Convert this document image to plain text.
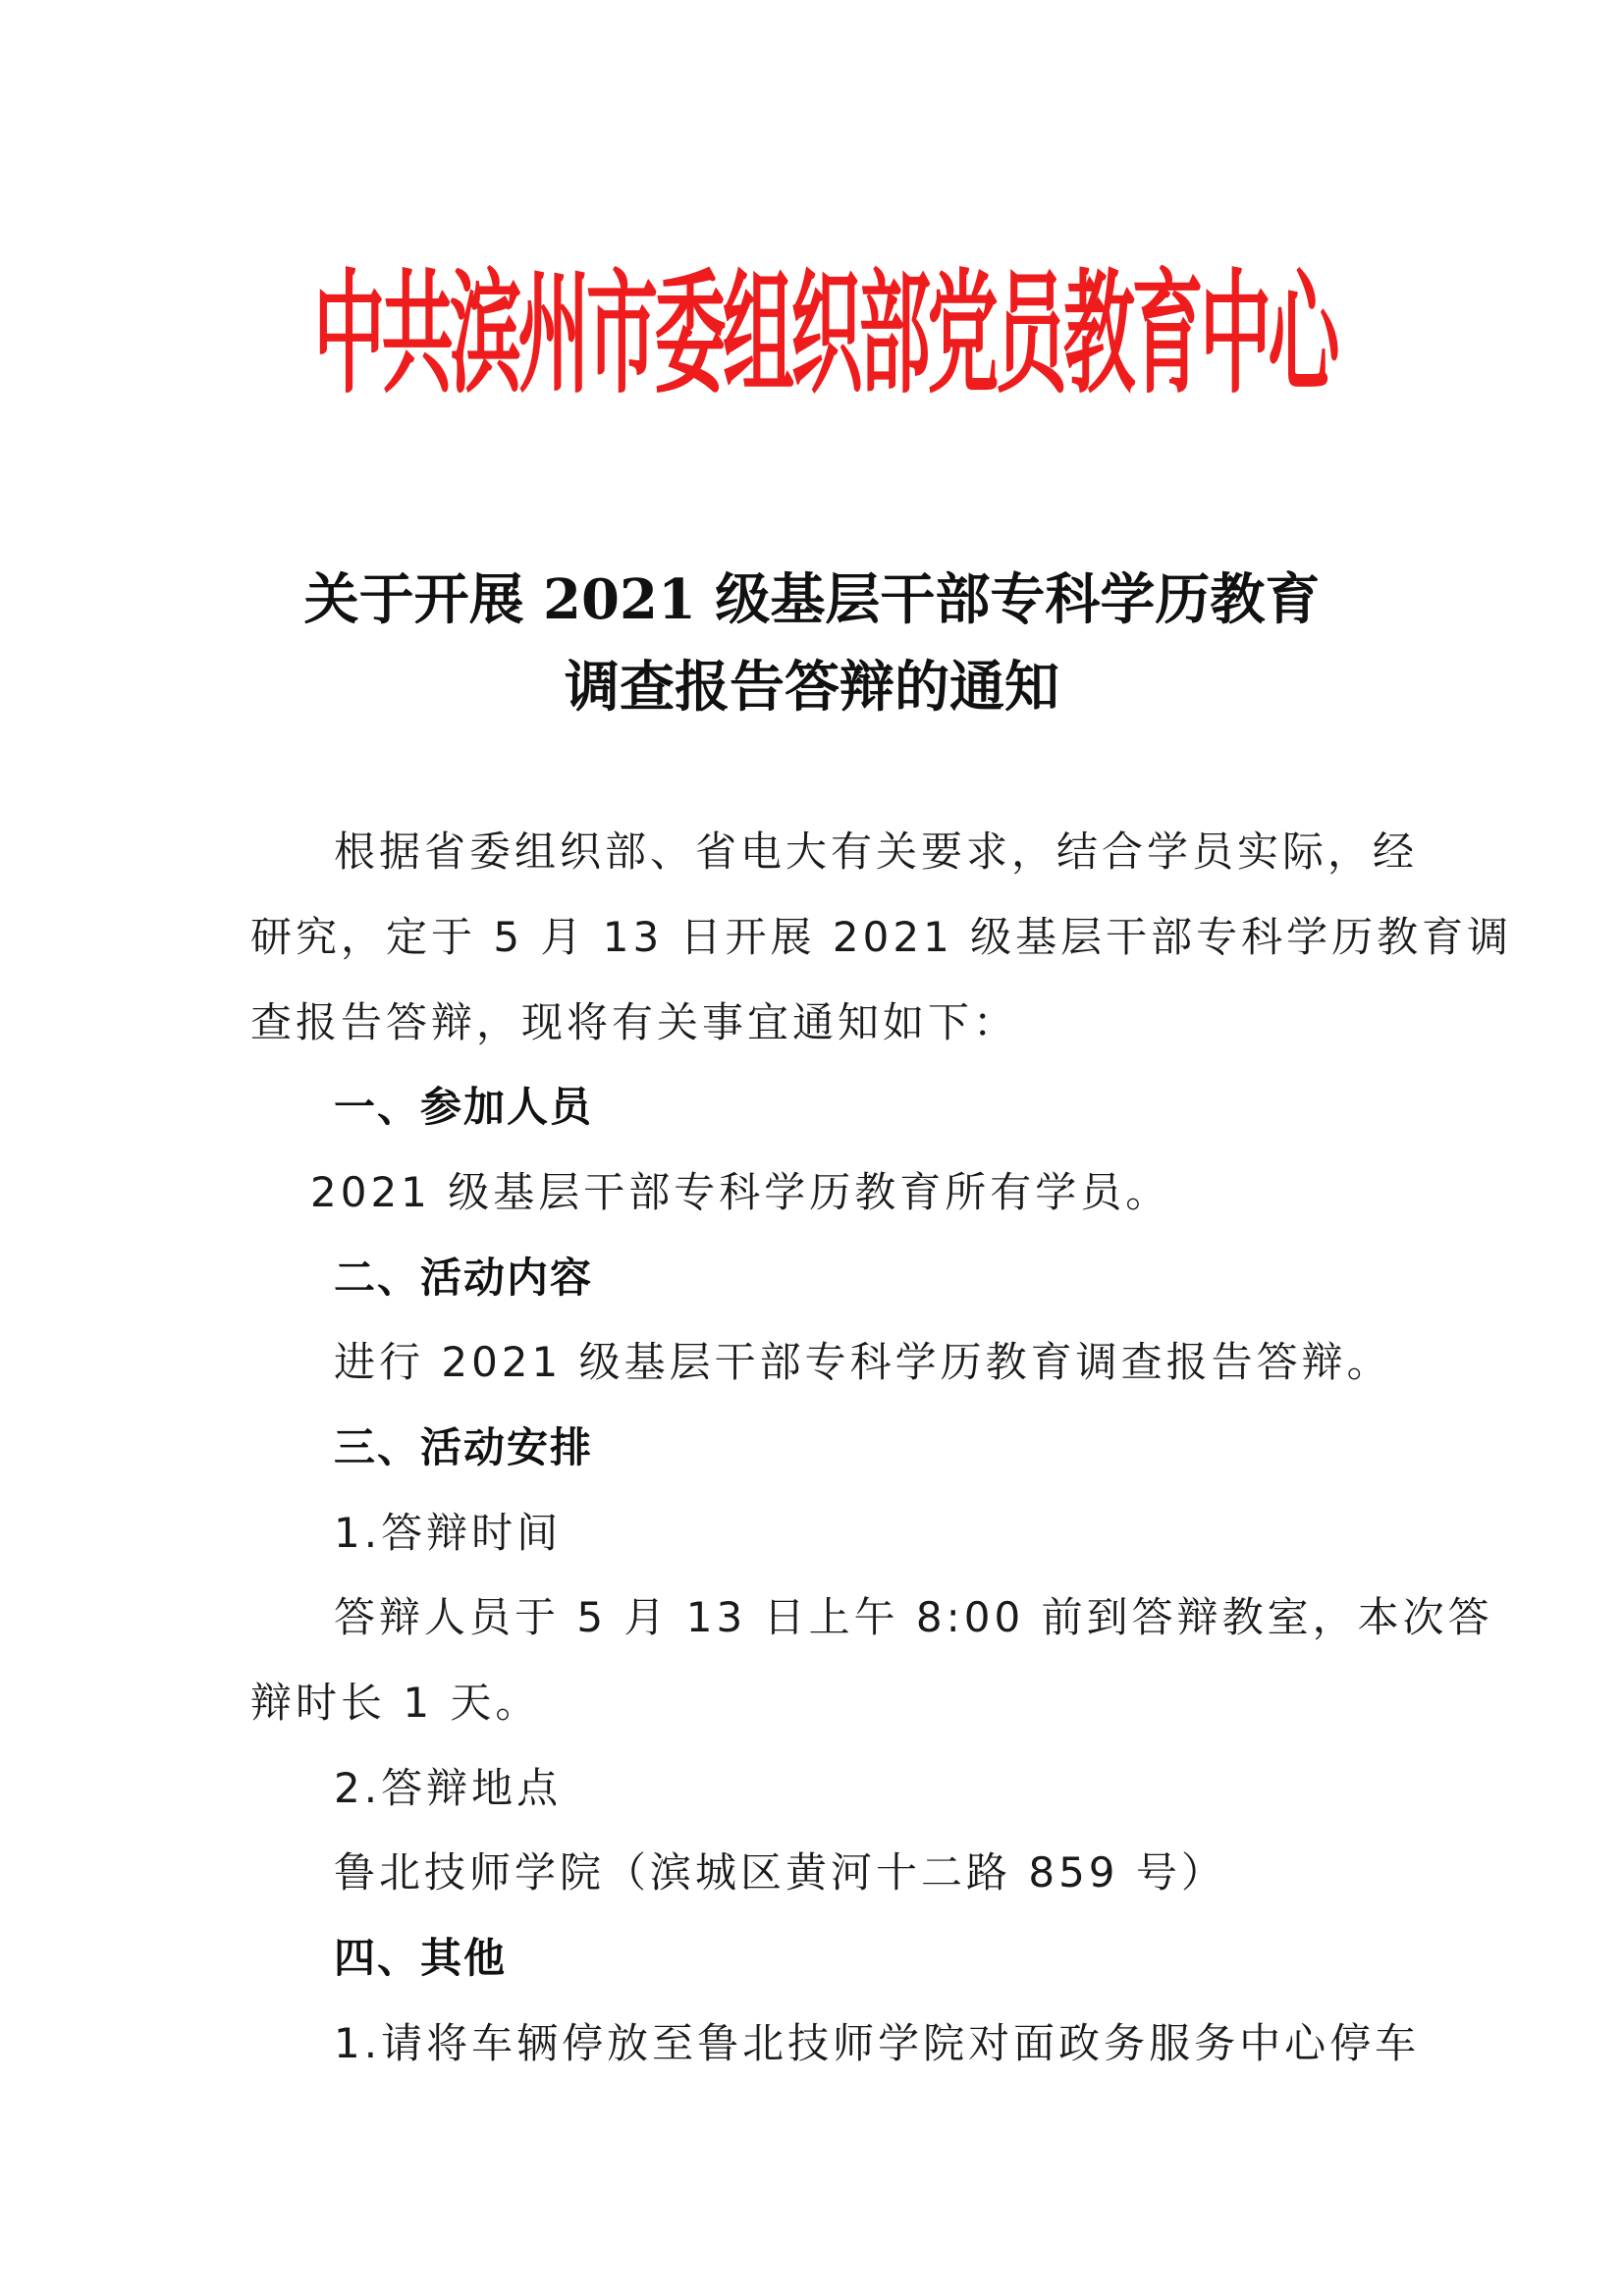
中共滨州市委组织部党员教育中心
关于开展 2021 级基层干部专科学历教育
调查报告答辩的通知
根据省委组织部、省电大有关要求，结合学员实际，经
研究，定于 5 月 13 日开展 2021 级基层干部专科学历教育调
查报告答辩，现将有关事宜通知如下：
一、参加人员
2021 级基层干部专科学历教育所有学员。
二、活动内容
进行 2021 级基层干部专科学历教育调查报告答辩。
三、活动安排
1.答辩时间
答辩人员于 5 月 13 日上午 8:00 前到答辩教室，本次答
辩时长 1 天。
2.答辩地点
鲁北技师学院（滨城区黄河十二路 859 号）
四、其他
1.请将车辆停放至鲁北技师学院对面政务服务中心停车
